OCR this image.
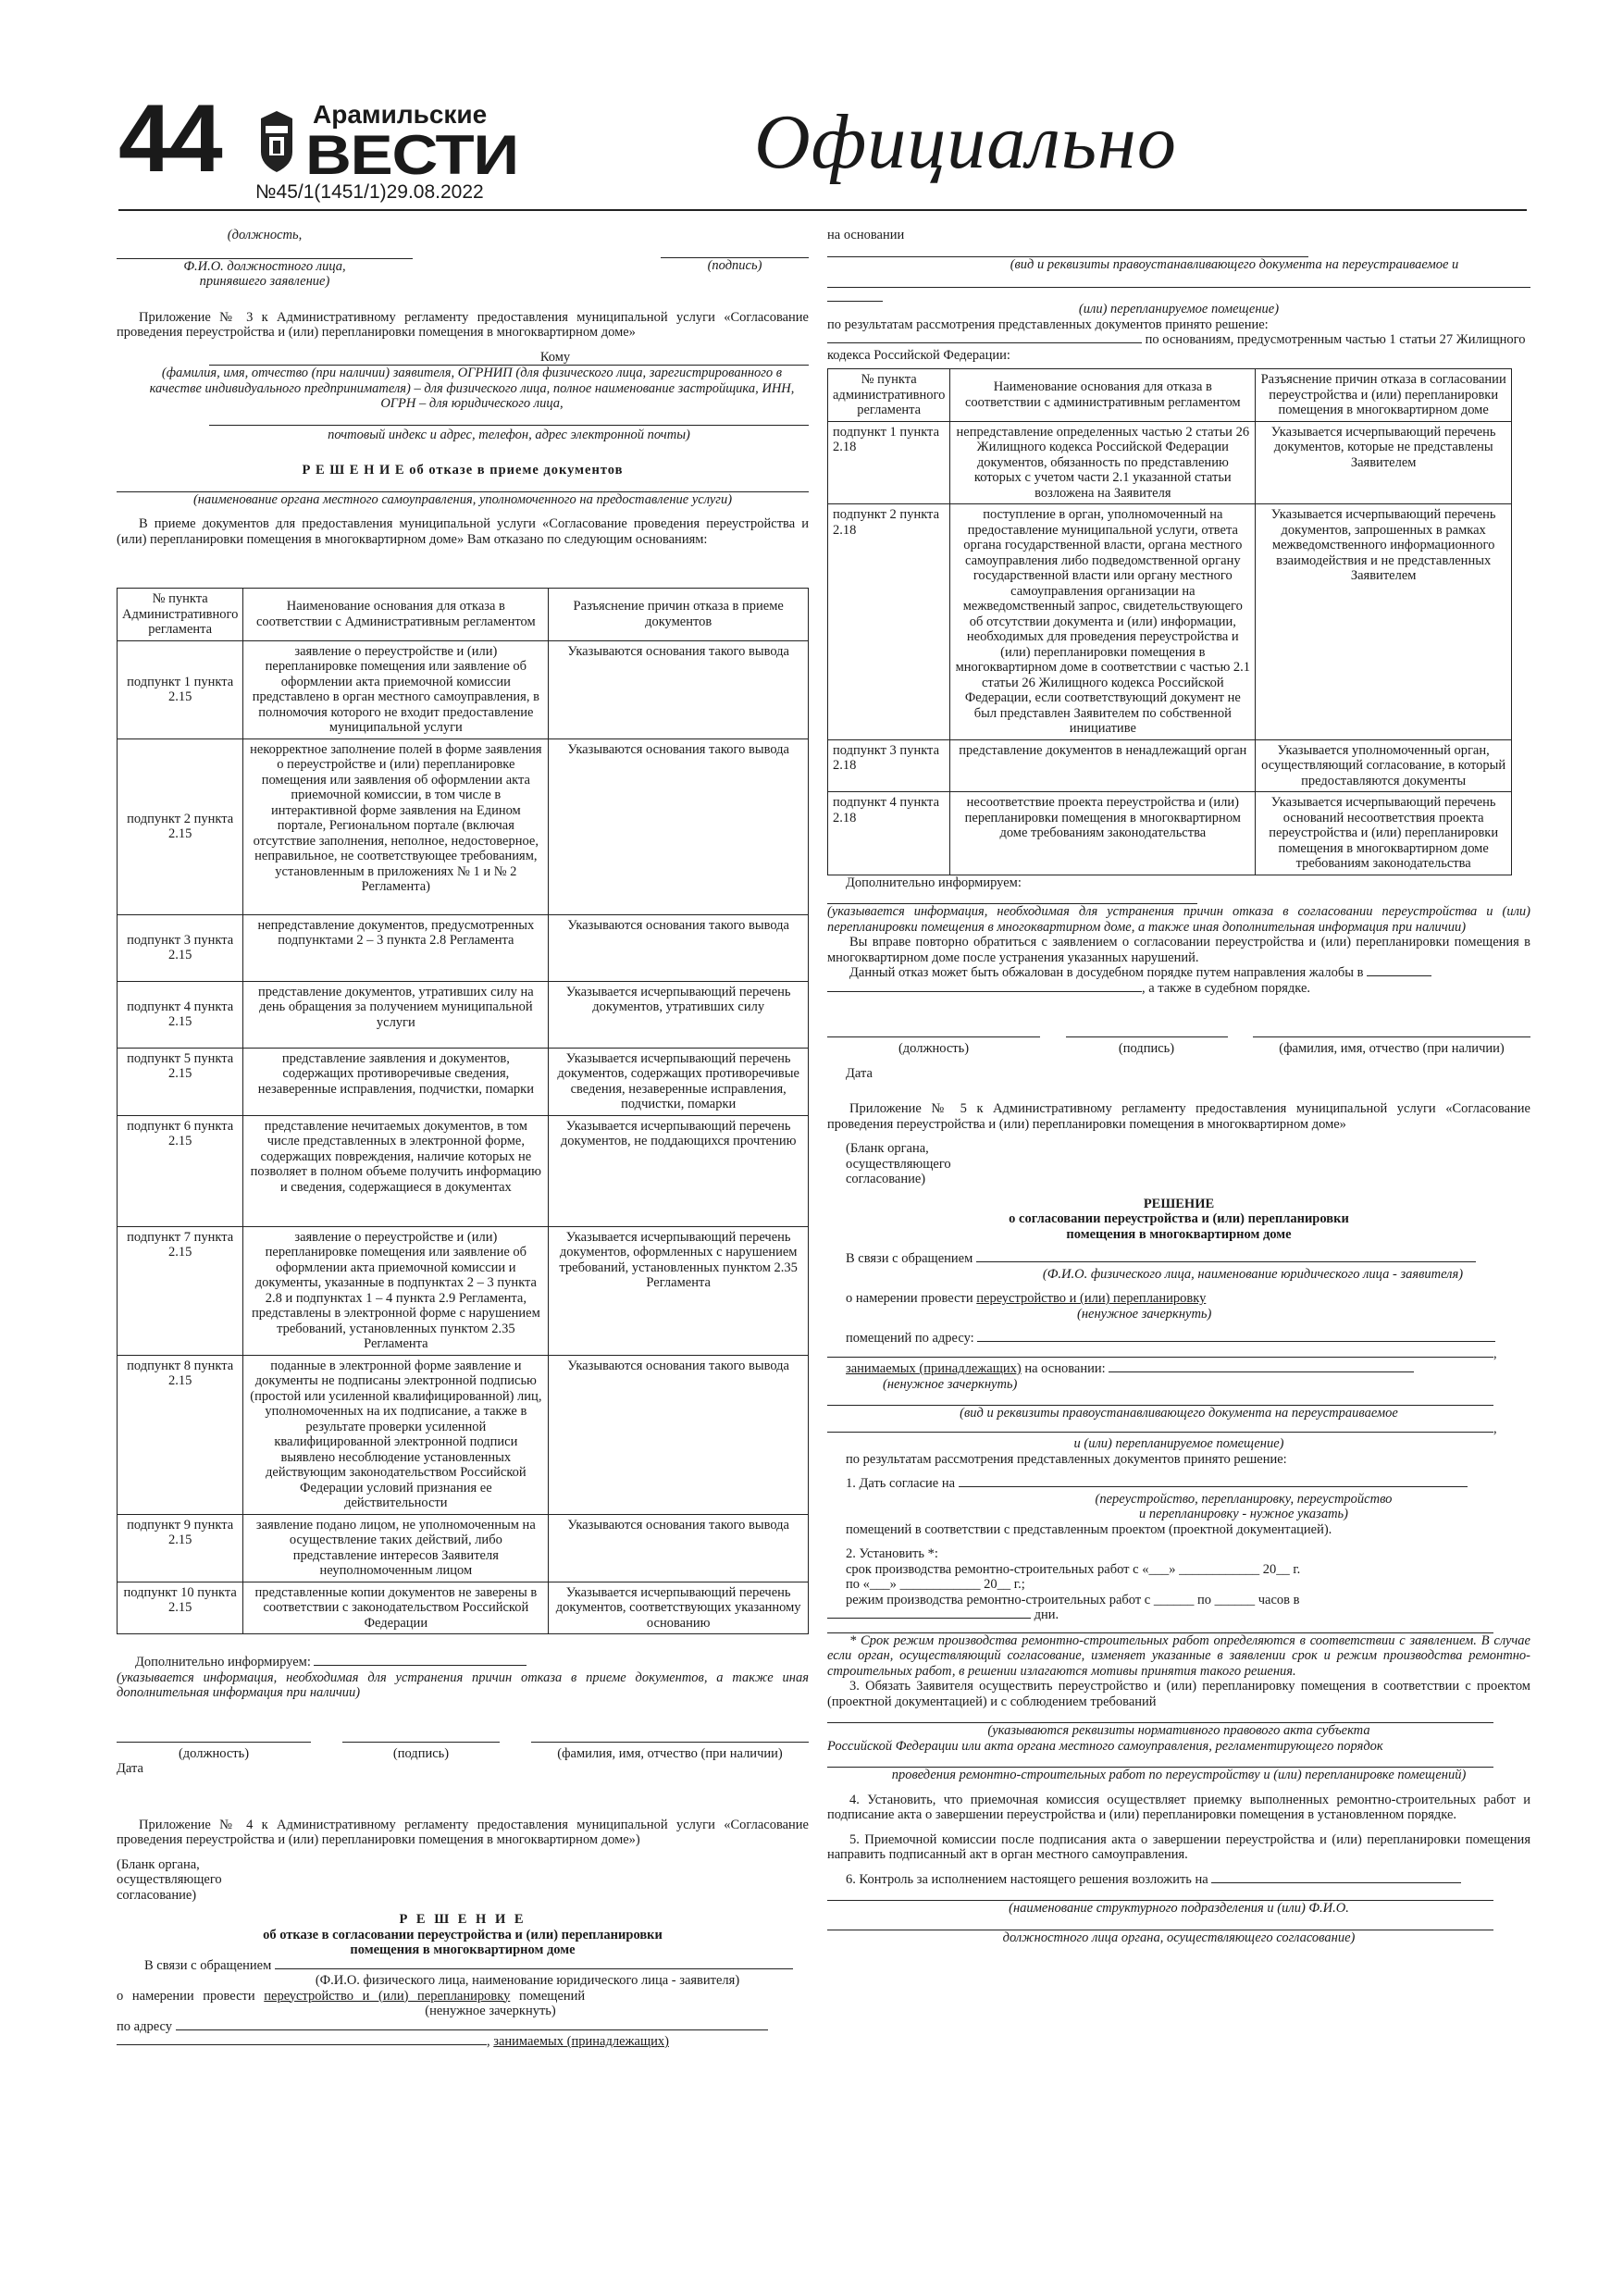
44	Арамильские
ВЕСТИ
№45/1(1451/1)29.08.2022
Официально
(должность,
Ф.И.О. должностного лица,
принявшего заявление)
(подпись)
Приложение № 3 к Административному регламенту предоставления муниципальной услуги «Согласование проведения переустройства и (или) перепланировки помещения в многоквартирном доме»
Кому
(фамилия, имя, отчество (при наличии) заявителя, ОГРНИП (для физического лица, зарегистрированного в качестве индивидуального предпринимателя) – для физического лица, полное наименование застройщика, ИНН, ОГРН – для юридического лица,
почтовый индекс и адрес, телефон, адрес электронной почты)
Р Е Ш Е Н И Е об отказе в приеме документов
(наименование органа местного самоуправления, уполномоченного на предоставление услуги)
В приеме документов для предоставления муниципальной услуги «Согласование проведения переустройства и (или) перепланировки помещения в многоквартирном доме» Вам отказано по следующим основаниям:
№ пункта Административного регламента	Наименование основания для отказа в соответствии с Административным регламентом	Разъяснение причин отказа в приеме документов
подпункт 1 пункта 2.15	заявление о переустройстве и (или) перепланировке помещения или заявление об оформлении акта приемочной комиссии представлено в орган местного самоуправления, в полномочия которого не входит предоставление муниципальной услуги	Указываются основания такого вывода
подпункт 2 пункта 2.15	некорректное заполнение полей в форме заявления о переустройстве и (или) перепланировке помещения или заявления об оформлении акта приемочной комиссии, в том числе в интерактивной форме заявления на Едином портале, Региональном портале (включая отсутствие заполнения, неполное, недостоверное, неправильное, не соответствующее требованиям, установленным в приложениях № 1 и № 2 Регламента)	Указываются основания такого вывода
подпункт 3 пункта 2.15	непредставление документов, предусмотренных подпунктами 2 – 3 пункта 2.8 Регламента	Указываются основания такого вывода
подпункт 4 пункта 2.15	представление документов, утративших силу на день обращения за получением муниципальной услуги	Указывается исчерпывающий перечень документов, утративших силу
подпункт 5 пункта 2.15	представление заявления и документов, содержащих противоречивые сведения, незаверенные исправления, подчистки, помарки	Указывается исчерпывающий перечень документов, содержащих противоречивые сведения, незаверенные исправления, подчистки, помарки
подпункт 6 пункта 2.15	представление нечитаемых документов, в том числе представленных в электронной форме, содержащих повреждения, наличие которых не позволяет в полном объеме получить информацию и сведения, содержащиеся в документах	Указывается исчерпывающий перечень документов, не поддающихся прочтению
подпункт 7 пункта 2.15	заявление о переустройстве и (или) перепланировке помещения или заявление об оформлении акта приемочной комиссии и документы, указанные в подпунктах 2 – 3 пункта 2.8 и подпунктах 1 – 4 пункта 2.9 Регламента, представлены в электронной форме с нарушением требований, установленных пунктом 2.35 Регламента	Указывается исчерпывающий перечень документов, оформленных с нарушением требований, установленных пунктом 2.35 Регламента
подпункт 8 пункта 2.15	поданные в электронной форме заявление и документы не подписаны электронной подписью (простой или усиленной квалифицированной) лиц, уполномоченных на их подписание, а также в результате проверки усиленной квалифицированной электронной подписи выявлено несоблюдение установленных действующим законодательством Российской Федерации условий признания ее действительности	Указываются основания такого вывода
подпункт 9 пункта 2.15	заявление подано лицом, не уполномоченным на осуществление таких действий, либо представление интересов Заявителя неуполномоченным лицом	Указываются основания такого вывода
подпункт 10 пункта 2.15	представленные копии документов не заверены в соответствии с законодательством Российской Федерации	Указывается исчерпывающий перечень документов, соответствующих указанному основанию
Дополнительно информируем:
(указывается информация, необходимая для устранения причин отказа в приеме документов, а также иная дополнительная информация при наличии)
(должность)	(подпись)	(фамилия, имя, отчество (при наличии)
Дата
Приложение № 4 к Административному регламенту предоставления муниципальной услуги «Согласование проведения переустройства и (или) перепланировки помещения в многоквартирном доме»)
(Бланк органа, осуществляющего согласование)
Р Е Ш Е Н И Е
об отказе в согласовании переустройства и (или) перепланировки
помещения в многоквартирном доме
В связи с обращением
(Ф.И.О. физического лица, наименование юридического лица - заявителя)
о намерении провести переустройство и (или) перепланировку помещений
(ненужное зачеркнуть)
по адресу
, занимаемых (принадлежащих)
на основании
(вид и реквизиты правоустанавливающего документа на переустраиваемое и
(или) перепланируемое помещение)
по результатам рассмотрения представленных документов принято решение:
по основаниям, предусмотренным частью 1 статьи 27 Жилищного кодекса Российской Федерации:
№ пункта административного регламента	Наименование основания для отказа в соответствии с административным регламентом	Разъяснение причин отказа в согласовании переустройства и (или) перепланировки помещения в многоквартирном доме
подпункт 1 пункта 2.18	непредставление определенных частью 2 статьи 26 Жилищного кодекса Российской Федерации документов, обязанность по представлению которых с учетом части 2.1 указанной статьи возложена на Заявителя	Указывается исчерпывающий перечень документов, которые не представлены Заявителем
подпункт 2 пункта 2.18	поступление в орган, уполномоченный на предоставление муниципальной услуги, ответа органа государственной власти, органа местного самоуправления либо подведомственной органу государственной власти или органу местного самоуправления организации на межведомственный запрос, свидетельствующего об отсутствии документа и (или) информации, необходимых для проведения переустройства и (или) перепланировки помещения в многоквартирном доме в соответствии с частью 2.1 статьи 26 Жилищного кодекса Российской Федерации, если соответствующий документ не был представлен Заявителем по собственной инициативе	Указывается исчерпывающий перечень документов, запрошенных в рамках межведомственного информационного взаимодействия и не представленных Заявителем
подпункт 3 пункта 2.18	представление документов в ненадлежащий орган	Указывается уполномоченный орган, осуществляющий согласование, в который предоставляются документы
подпункт 4 пункта 2.18	несоответствие проекта переустройства и (или) перепланировки помещения в многоквартирном доме требованиям законодательства	Указывается исчерпывающий перечень оснований несоответствия проекта переустройства и (или) перепланировки помещения в многоквартирном доме требованиям законодательства
Дополнительно информируем:
(указывается информация, необходимая для устранения причин отказа в согласовании переустройства и (или) перепланировки помещения в многоквартирном доме, а также иная дополнительная информация при наличии)
Вы вправе повторно обратиться с заявлением о согласовании переустройства и (или) перепланировки помещения в многоквартирном доме после устранения указанных нарушений.
Данный отказ может быть обжалован в досудебном порядке путем направления жалобы в
, а также в судебном порядке.
(должность)	(подпись)	(фамилия, имя, отчество (при наличии)
Дата
Приложение № 5 к Административному регламенту предоставления муниципальной услуги «Согласование проведения переустройства и (или) перепланировки помещения в многоквартирном доме»
(Бланк органа, осуществляющего согласование)
РЕШЕНИЕ
о согласовании переустройства и (или) перепланировки
помещения в многоквартирном доме
В связи с обращением
(Ф.И.О. физического лица, наименование юридического лица - заявителя)
о намерении провести переустройство и (или) перепланировку
(ненужное зачеркнуть)
помещений по адресу:
,
занимаемых (принадлежащих) на основании:
(ненужное зачеркнуть)
(вид и реквизиты правоустанавливающего документа на переустраиваемое
,
и (или) перепланируемое помещение)
по результатам рассмотрения представленных документов принято решение:
1. Дать согласие на
(переустройство, перепланировку, переустройство
и перепланировку - нужное указать)
помещений в соответствии с представленным проектом (проектной документацией).
2. Установить *:
срок производства ремонтно-строительных работ с «___» ____________ 20__ г.
по «___» ____________ 20__ г.;
режим производства ремонтно-строительных работ с ______ по ______ часов в
дни.
* Срок режим производства ремонтно-строительных работ определяются в соответствии с заявлением. В случае если орган, осуществляющий согласование, изменяет указанные в заявлении срок и режим производства ремонтно-строительных работ, в решении излагаются мотивы принятия такого решения.
3. Обязать Заявителя осуществить переустройство и (или) перепланировку помещения в соответствии с проектом (проектной документацией) и с соблюдением требований
(указываются реквизиты нормативного правового акта субъекта
Российской Федерации или акта органа местного самоуправления, регламентирующего порядок
проведения ремонтно-строительных работ по переустройству и (или) перепланировке помещений)
4. Установить, что приемочная комиссия осуществляет приемку выполненных ремонтно-строительных работ и подписание акта о завершении переустройства и (или) перепланировки помещения в установленном порядке.
5. Приемочной комиссии после подписания акта о завершении переустройства и (или) перепланировки помещения направить подписанный акт в орган местного самоуправления.
6. Контроль за исполнением настоящего решения возложить на
(наименование структурного подразделения и (или) Ф.И.О.
должностного лица органа, осуществляющего согласование)
